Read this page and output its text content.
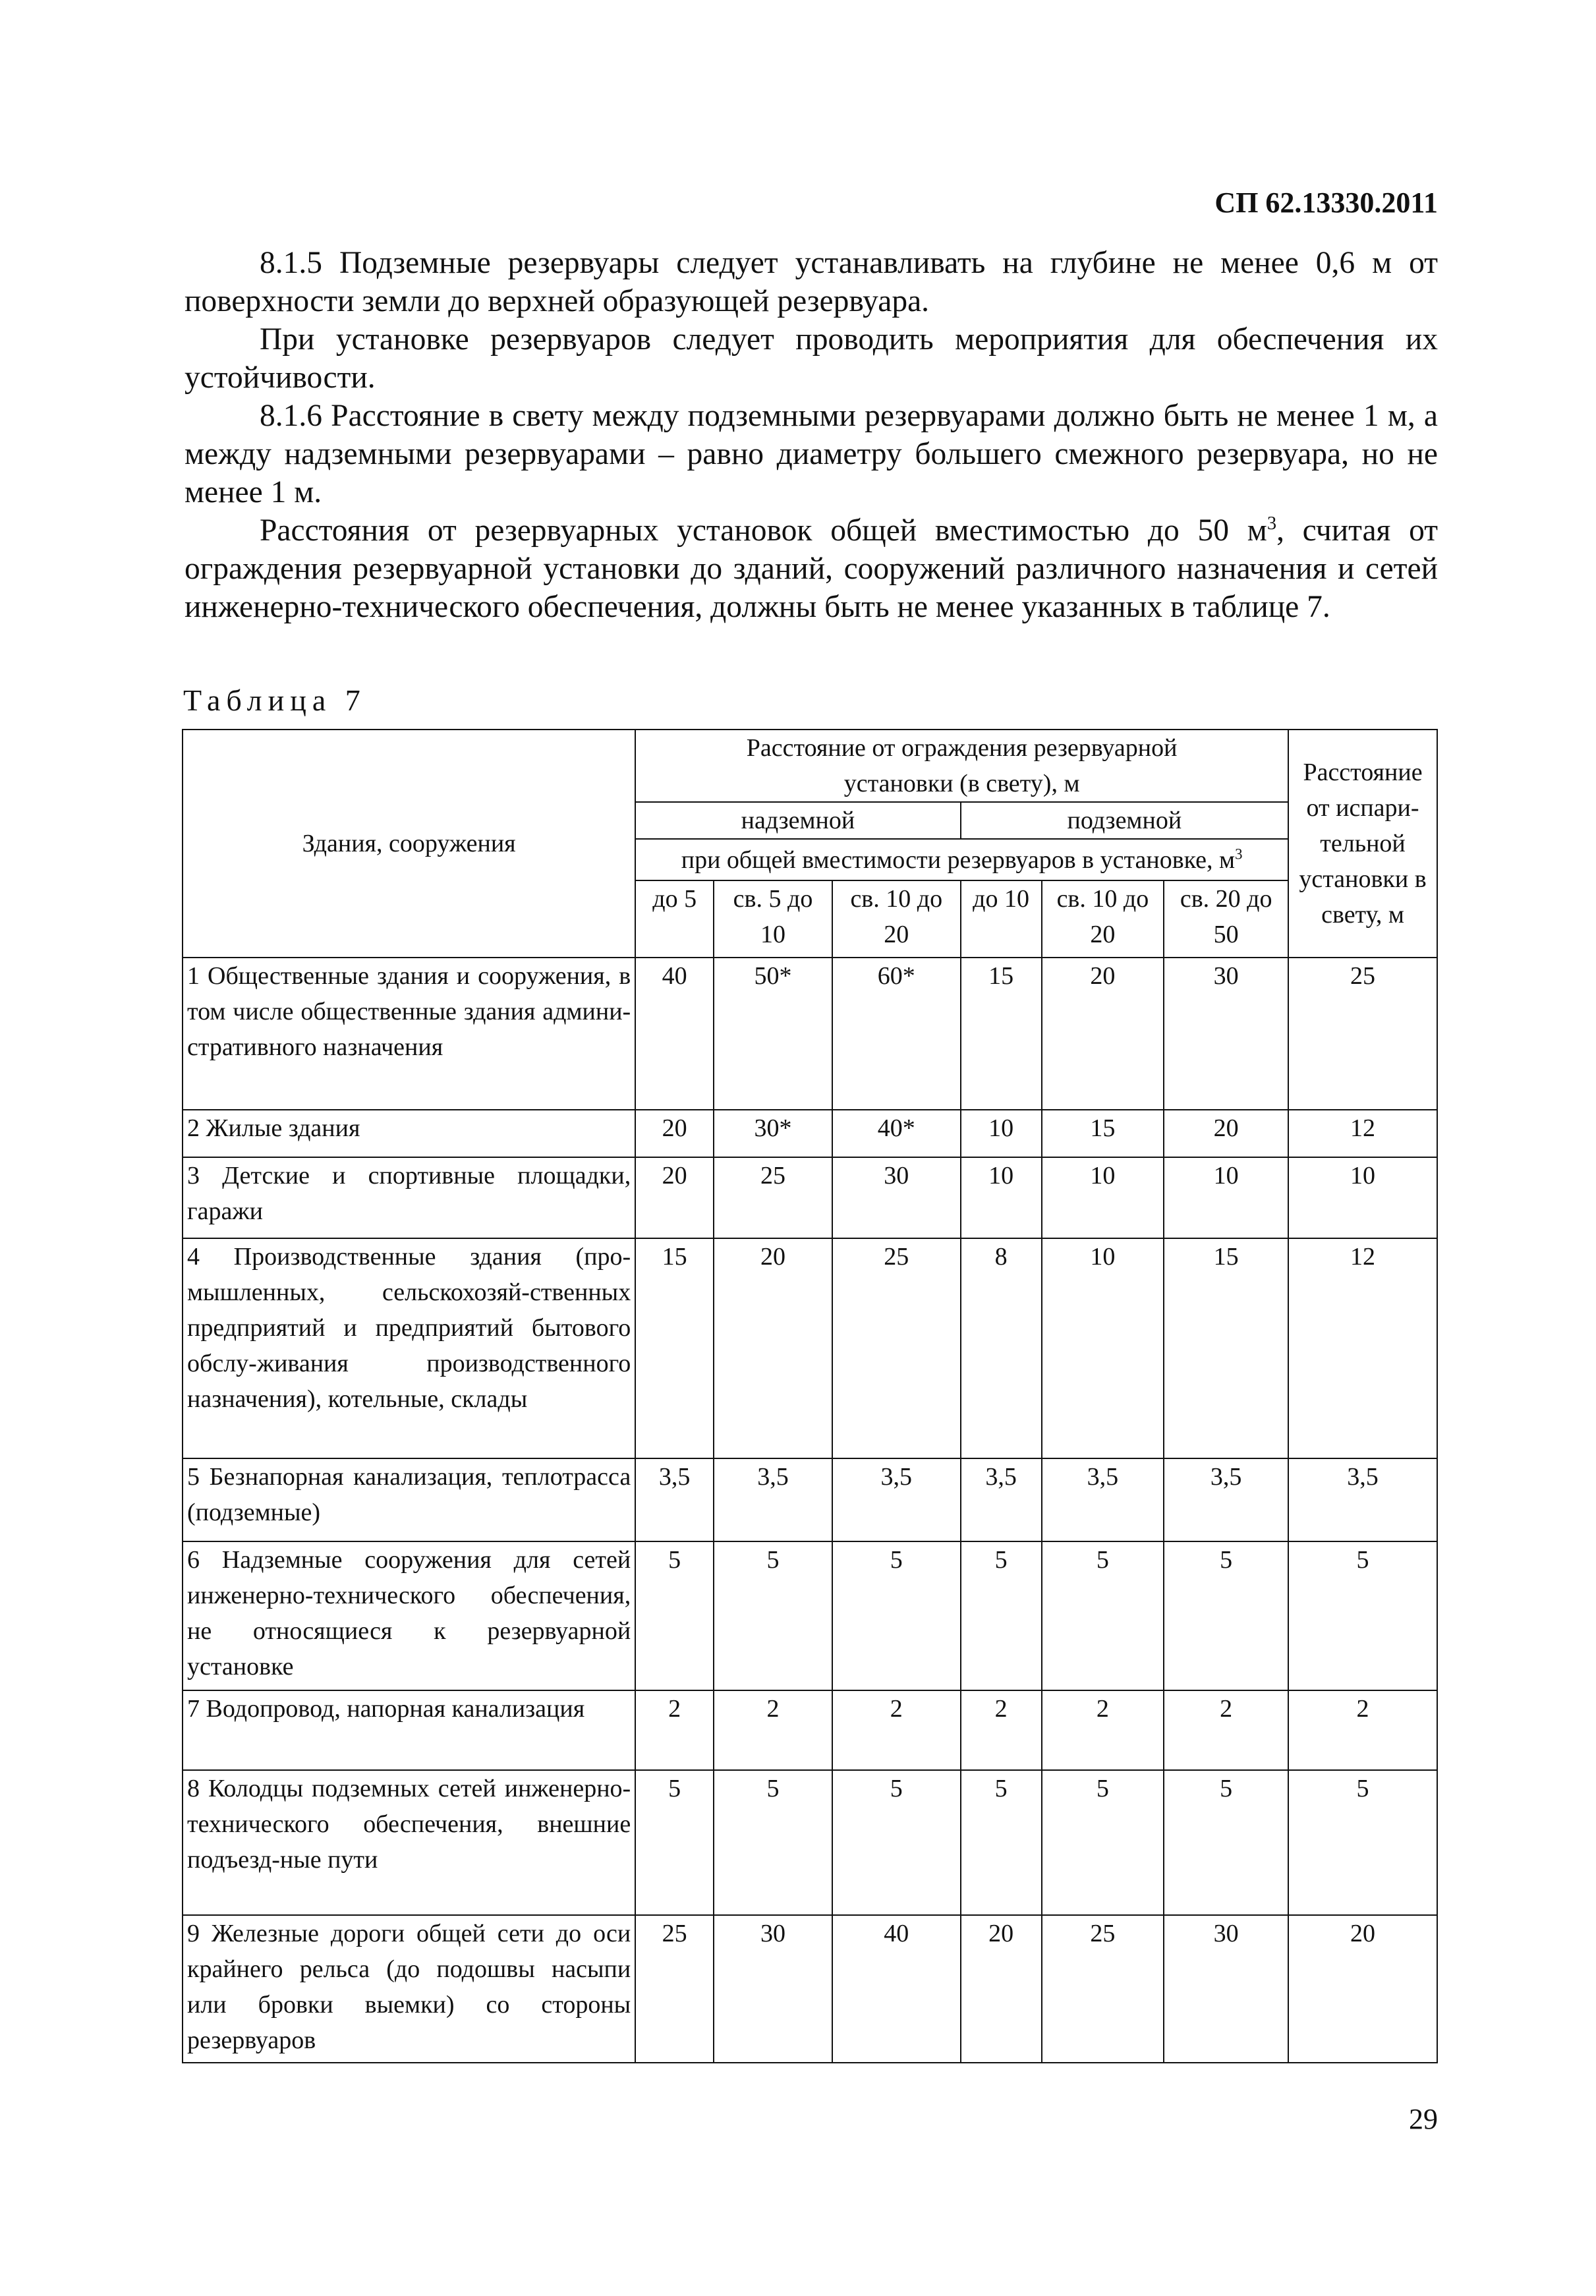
СП 62.13330.2011

8.1.5 Подземные резервуары следует устанавливать на глубине не менее 0,6 м от поверхности земли до верхней образующей резервуара.

При установке резервуаров следует проводить мероприятия для обеспечения их устойчивости.

8.1.6 Расстояние в свету между подземными резервуарами должно быть не менее 1 м, а между надземными резервуарами – равно диаметру большего смежного резервуара, но не менее 1 м.

Расстояния от резервуарных установок общей вместимостью до 50 $м^3$, считая от ограждения резервуарной установки до зданий, сооружений различного назначения и сетей инженерно-технического обеспечения, должны быть не менее указанных в таблице 7.

Таблица 7
Здания, сооружения	Расстояние от ограждения резервуарной установки (в свету), м						Расстояние от испари-тельной установки в свету, м
	надземной			подземной			
	при общей вместимости резервуаров в установке, $м^3$
	до 5	св. 5 до 10	св. 10 до 20	до 10	св. 10 до 20	св. 20 до 50	
1 Общественные здания и сооружения, в том числе общественные здания админи-стративного назначения	40	50*	60*	15	20	30	25
2 Жилые здания	20	30*	40*	10	15	20	12
3 Детские и спортивные площадки, гаражи	20	25	30	10	10	10	10
4 Производственные здания (про-мышленных, сельскохозяй-ственных предприятий и предприятий бытового обслу-живания производственного назначения), котельные, склады	15	20	25	8	10	15	12
5 Безнапорная канализация, теплотрасса (подземные)	3,5	3,5	3,5	3,5	3,5	3,5	3,5
6 Надземные сооружения для сетей инженерно-технического обеспечения, не относящиеся к резервуарной установке	5	5	5	5	5	5	5
7 Водопровод, напорная канализация	2	2	2	2	2	2	2
8 Колодцы подземных сетей инженерно-технического обеспечения, внешние подъезд-ные пути	5	5	5	5	5	5	5
9 Железные дороги общей сети до оси крайнего рельса (до подошвы насыпи или бровки выемки) со стороны резервуаров	25	30	40	20	25	30	20
29
